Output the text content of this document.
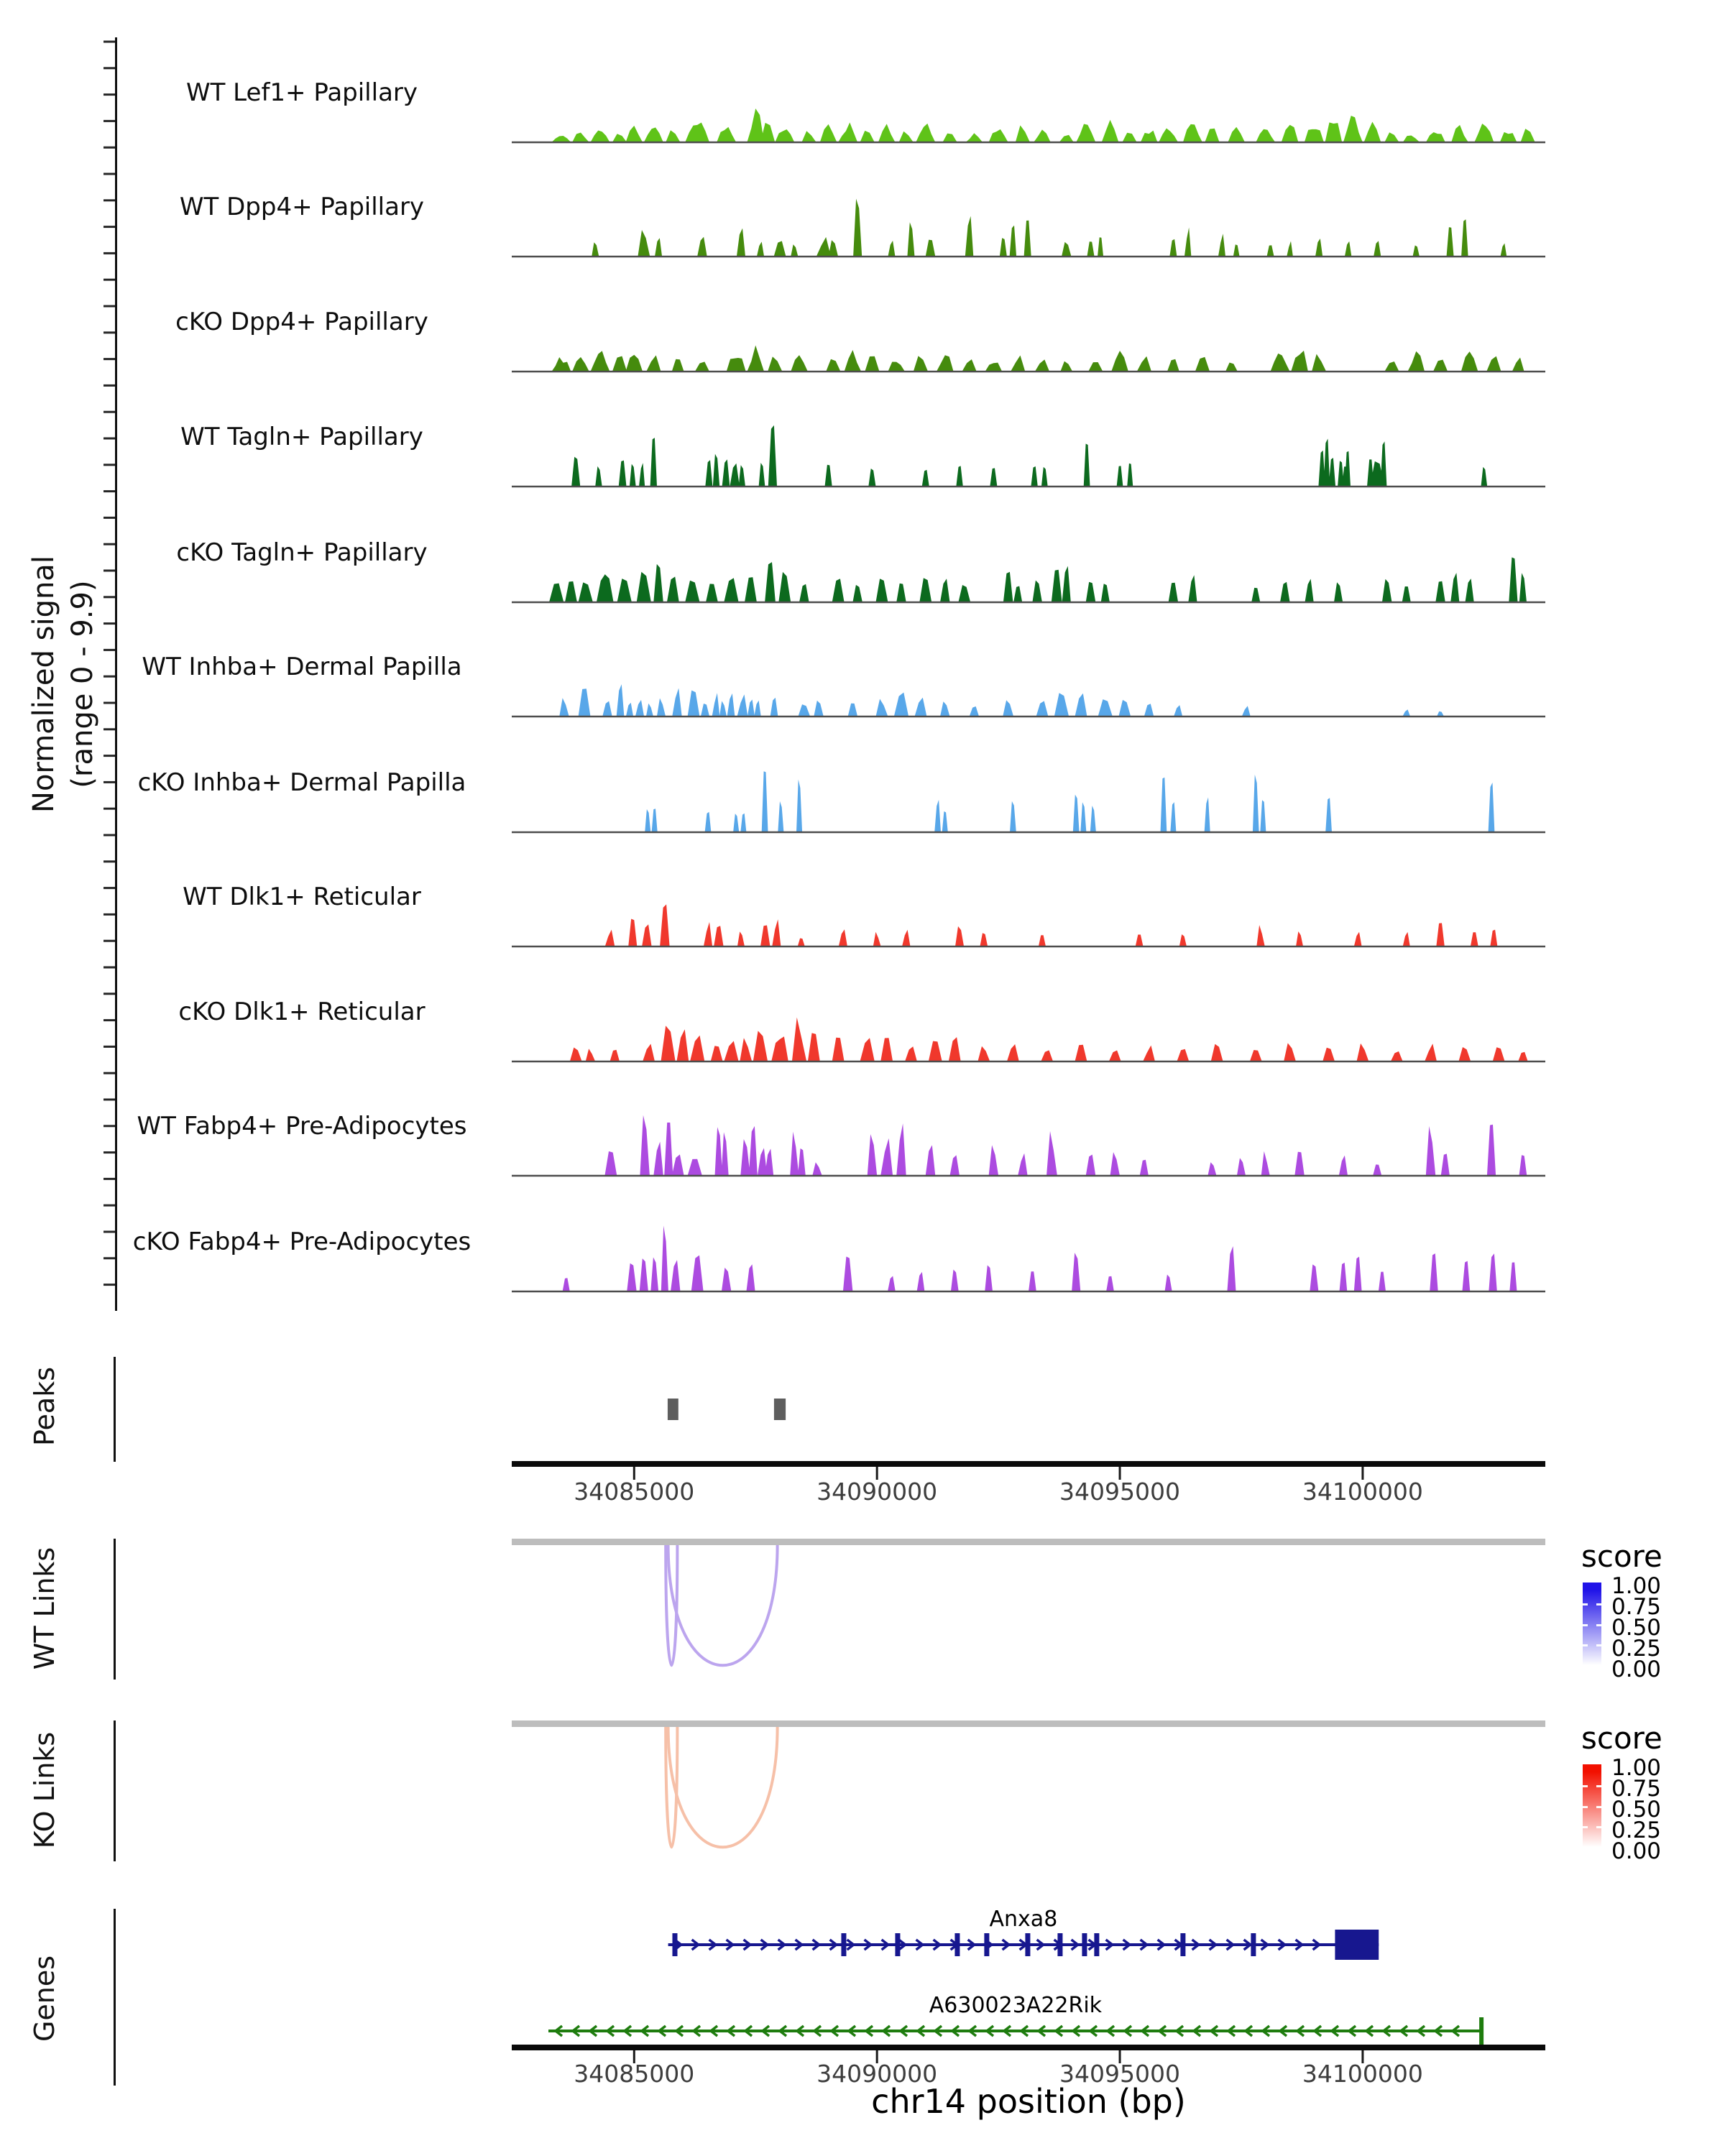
Normalized signal (range 0 - 9.9)
WT Lef1+ Papillary
WT Dpp4+ Papillary
cKO Dpp4+ Papillary
WT Tagln+ Papillary
cKO Tagln+ Papillary
WT Inhba+ Dermal Papilla
cKO Inhba+ Dermal Papilla
WT Dlk1+ Reticular
cKO Dlk1+ Reticular
WT Fabp4+ Pre-Adipocytes
cKO Fabp4+ Pre-Adipocytes
Peaks
34085000	34090000	34095000	34100000
WT Links	score
1.00
0.75
0.50
0.25
0.00
KO Links	score
1.00
0.75
0.50
0.25
0.00
Genes
Anxa8
A630023A22Rik
34085000	34090000	34095000	34100000
chr14 position (bp)
